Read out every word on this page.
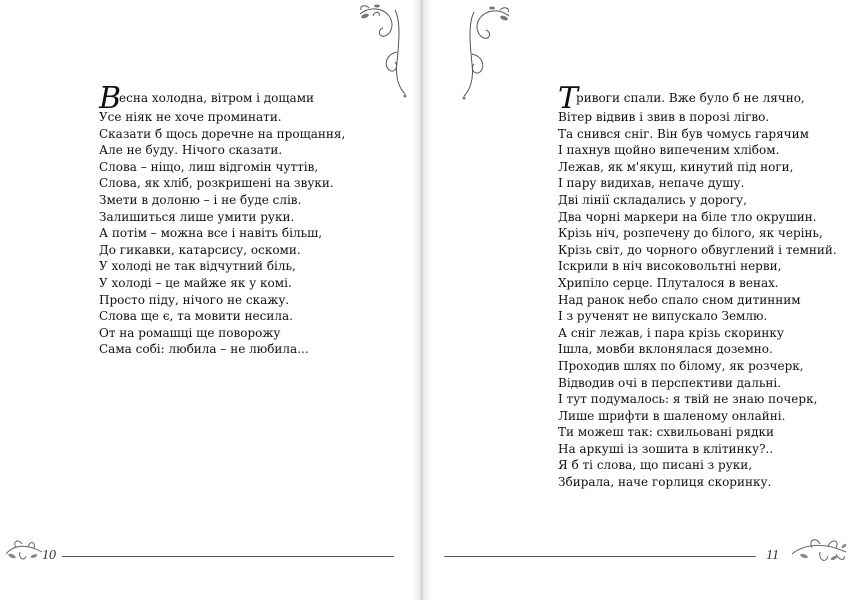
Весна холодна, вітром і дощами
Усе ніяк не хоче проминати.
Сказати б щось доречне на прощання,
Але не буду. Нічого сказати.
Слова – ніщо, лиш відгомін чуттів,
Слова, як хліб, розкришені на звуки.
Змети в долоню – і не буде слів.
Залишиться лише умити руки.
А потім – можна все і навіть більш,
До гикавки, катарсису, оскоми.
У холоді не так відчутний біль,
У холоді – це майже як у комі.
Просто піду, нічого не скажу.
Слова ще є, та мовити несила.
От на ромашці ще поворожу
Сама собі: любила – не любила...
10
Тривоги спали. Вже було б не лячно,
Вітер відвив і звив в порозі лігво.
Та снився сніг. Він був чомусь гарячим
І пахнув щойно випеченим хлібом.
Лежав, як м'якуш, кинутий під ноги,
І пару видихав, непаче душу.
Дві лінії складались у дорогу,
Два чорні маркери на біле тло окрушин.
Крізь ніч, розпечену до білого, як черінь,
Крізь світ, до чорного обвуглений і темний.
Іскрили в ніч високовольтні нерви,
Хрипіло серце. Плуталося в венах.
Над ранок небо спало сном дитинним
І з рученят не випускало Землю.
А сніг лежав, і пара крізь скоринку
Ішла, мовби вклонялася доземно.
Проходив шлях по білому, як розчерк,
Відводив очі в перспективи дальні.
І тут подумалось: я твій не знаю почерк,
Лише шрифти в шаленому онлайні.
Ти можеш так: схвильовані рядки
На аркуші із зошита в клітинку?..
Я б ті слова, що писані з руки,
Збирала, наче горлиця скоринку.
11
